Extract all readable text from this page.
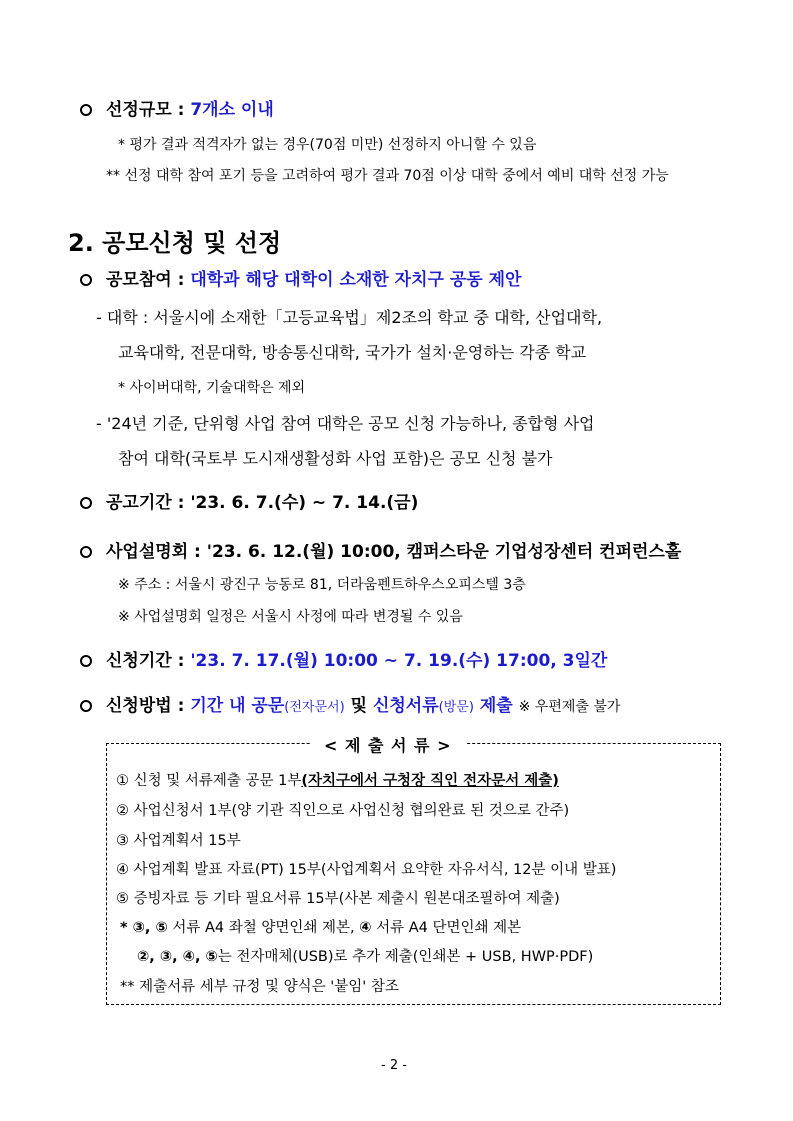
선정규모 : 7개소 이내
* 평가 결과 적격자가 없는 경우(70점 미만) 선정하지 아니할 수 있음
** 선정 대학 참여 포기 등을 고려하여 평가 결과 70점 이상 대학 중에서 예비 대학 선정 가능
2. 공모신청 및 선정
공모참여 : 대학과 해당 대학이 소재한 자치구 공동 제안
- 대학 : 서울시에 소재한「고등교육법」제2조의 학교 중 대학, 산업대학,
교육대학, 전문대학, 방송통신대학, 국가가 설치·운영하는 각종 학교
* 사이버대학, 기술대학은 제외
- '24년 기준, 단위형 사업 참여 대학은 공모 신청 가능하나, 종합형 사업
참여 대학(국토부 도시재생활성화 사업 포함)은 공모 신청 불가
공고기간 : '23. 6. 7.(수) ~ 7. 14.(금)
사업설명회 : '23. 6. 12.(월) 10:00, 캠퍼스타운 기업성장센터 컨퍼런스홀
※ 주소 : 서울시 광진구 능동로 81, 더라움펜트하우스오피스텔 3층
※ 사업설명회 일정은 서울시 사정에 따라 변경될 수 있음
신청기간 : '23. 7. 17.(월) 10:00 ~ 7. 19.(수) 17:00, 3일간
신청방법 : 기간 내 공문(전자문서) 및 신청서류(방문) 제출 ※ 우편제출 불가
< 제 출 서 류 >
① 신청 및 서류제출 공문 1부(자치구에서 구청장 직인 전자문서 제출)
② 사업신청서 1부(양 기관 직인으로 사업신청 협의완료 된 것으로 간주)
③ 사업계획서 15부
④ 사업계획 발표 자료(PT) 15부(사업계획서 요약한 자유서식, 12분 이내 발표)
⑤ 증빙자료 등 기타 필요서류 15부(사본 제출시 원본대조필하여 제출)
* ③, ⑤ 서류 A4 좌철 양면인쇄 제본, ④ 서류 A4 단면인쇄 제본
②, ③, ④, ⑤는 전자매체(USB)로 추가 제출(인쇄본 + USB, HWP·PDF)
** 제출서류 세부 규정 및 양식은 '붙임' 참조
- 2 -
